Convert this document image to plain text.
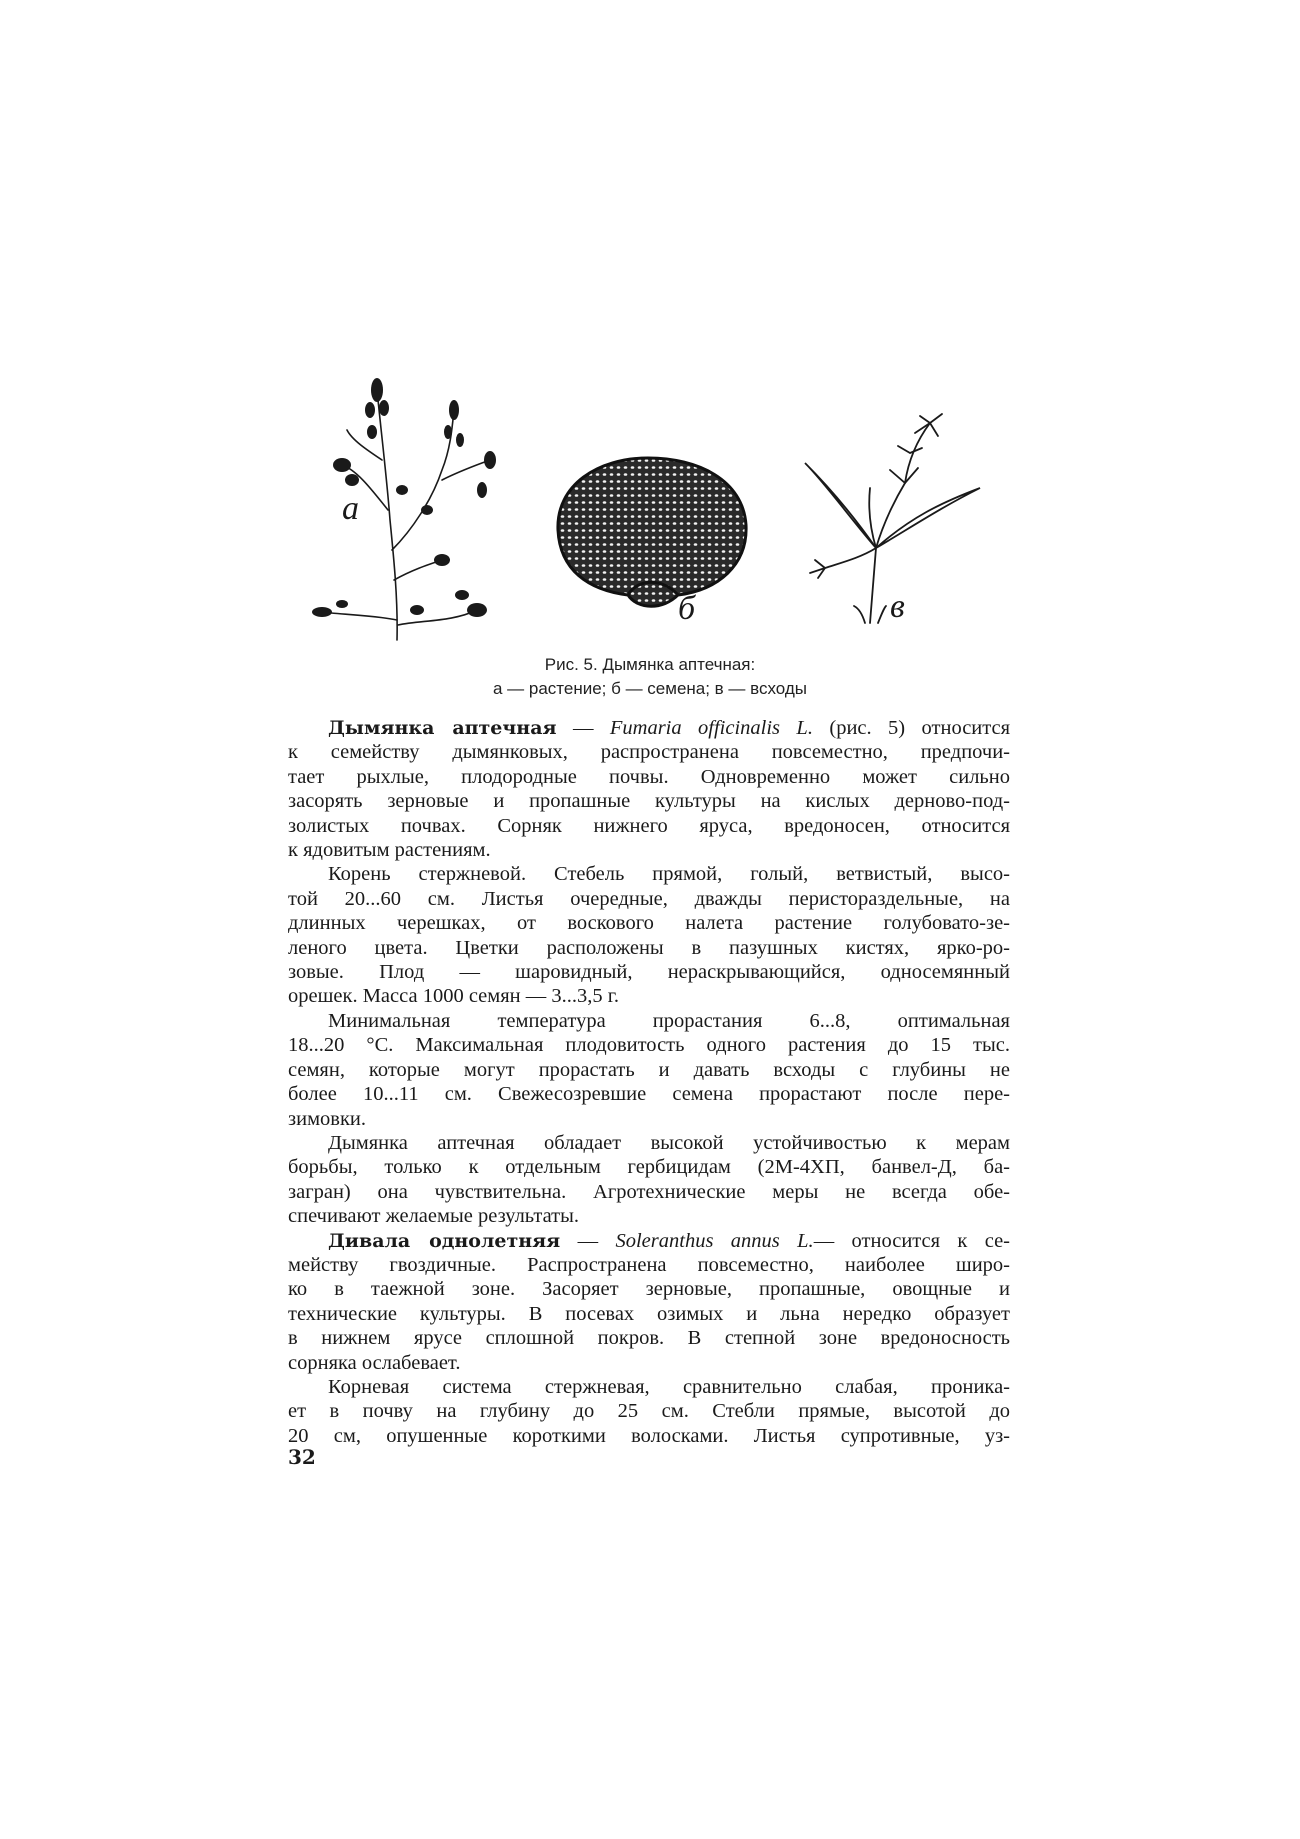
а
б	в
Рис. 5. Дымянка аптечная:
а — растение; б — семена; в — всходы
Дымянка аптечная — Fumaria officinalis L. (рис. 5) относится
к семейству дымянковых, распространена повсеместно, предпочи-
тает рыхлые, плодородные почвы. Одновременно может сильно
засорять зерновые и пропашные культуры на кислых дерново-под-
золистых почвах. Сорняк нижнего яруса, вредоносен, относится
к ядовитым растениям.
Корень стержневой. Стебель прямой, голый, ветвистый, высо-
той 20...60 см. Листья очередные, дважды перистораздельные, на
длинных черешках, от воскового налета растение голубовато-зе-
леного цвета. Цветки расположены в пазушных кистях, ярко-ро-
зовые. Плод — шаровидный, нераскрывающийся, односемянный
орешек. Масса 1000 семян — 3...3,5 г.
Минимальная температура прорастания 6...8, оптимальная
18...20 °С. Максимальная плодовитость одного растения до 15 тыс.
семян, которые могут прорастать и давать всходы с глубины не
более 10...11 см. Свежесозревшие семена прорастают после пере-
зимовки.
Дымянка аптечная обладает высокой устойчивостью к мерам
борьбы, только к отдельным гербицидам (2М-4ХП, банвел-Д, ба-
загран) она чувствительна. Агротехнические меры не всегда обе-
спечивают желаемые результаты.
Дивала однолетняя — Soleranthus annus L.— относится к се-
мейству гвоздичные. Распространена повсеместно, наиболее широ-
ко в таежной зоне. Засоряет зерновые, пропашные, овощные и
технические культуры. В посевах озимых и льна нередко образует
в нижнем ярусе сплошной покров. В степной зоне вредоносность
сорняка ослабевает.
Корневая система стержневая, сравнительно слабая, проника-
ет в почву на глубину до 25 см. Стебли прямые, высотой до
20 см, опушенные короткими волосками. Листья супротивные, уз-
32
